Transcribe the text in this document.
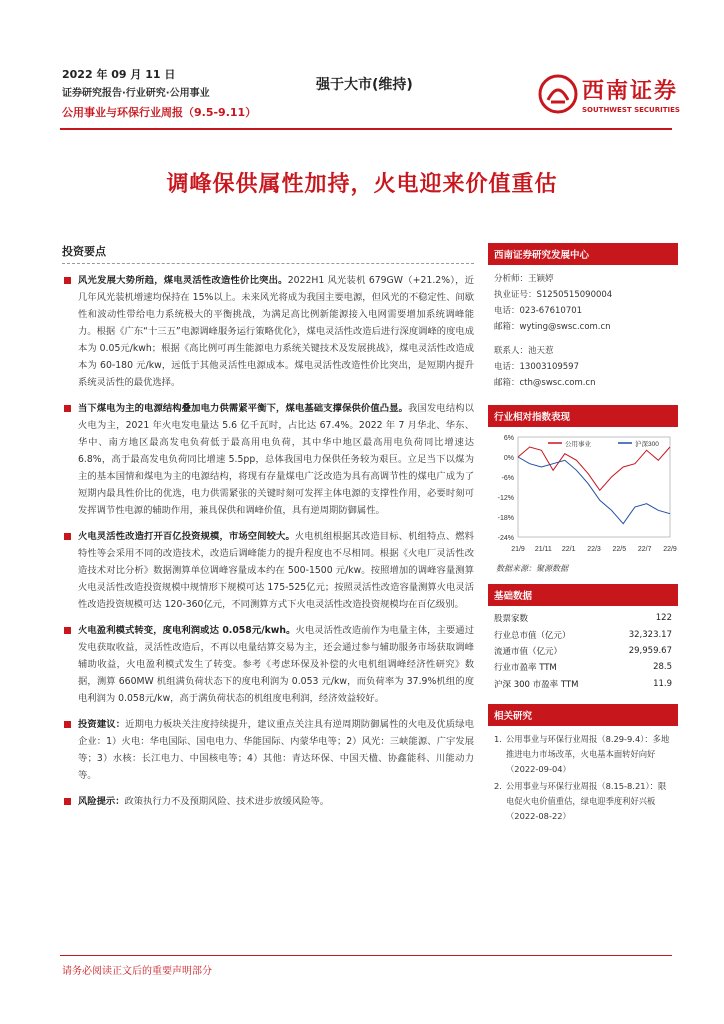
2022 年 09 月 11 日
证券研究报告·行业研究·公用事业
公用事业与环保行业周报（9.5-9.11）
强于大市(维持)	西南证券
SOUTHWEST SECURITIES
调峰保供属性加持，火电迎来价值重估
投资要点
风光发展大势所趋，煤电灵活性改造性价比突出。2022H1 风光装机 679GW（+21.2%），近几年风光装机增速均保持在 15%以上。未来风光将成为我国主要电源，但风光的不稳定性、间歇性和波动性带给电力系统极大的平衡挑战，为满足高比例新能源接入电网需要增加系统调峰能力。根据《广东“十三五”电源调峰服务运行策略优化》，煤电灵活性改造后进行深度调峰的度电成本为 0.05元/kwh；根据《高比例可再生能源电力系统关键技术及发展挑战》，煤电灵活性改造成本为 60-180 元/kw，远低于其他灵活性电源成本。煤电灵活性改造性价比突出，是短期内提升系统灵活性的最优选择。
当下煤电为主的电源结构叠加电力供需紧平衡下，煤电基础支撑保供价值凸显。我国发电结构以火电为主，2021 年火电发电量达 5.6 亿千瓦时，占比达 67.4%。2022 年 7 月华北、华东、华中、南方地区最高发电负荷低于最高用电负荷，其中华中地区最高用电负荷同比增速达 6.8%，高于最高发电负荷同比增速 5.5pp，总体我国电力保供任务较为艰巨。立足当下以煤为主的基本国情和煤电为主的电源结构，将现有存量煤电广泛改造为具有高调节性的煤电广成为了短期内最具性价比的优选，电力供需紧张的关键时刻可发挥主体电源的支撑性作用，必要时刻可发挥调节性电源的辅助作用，兼具保供和调峰价值，具有逆周期防御属性。
火电灵活性改造打开百亿投资规模，市场空间较大。火电机组根据其改造目标、机组特点、燃料特性等会采用不同的改造技术，改造后调峰能力的提升程度也不尽相同。根据《火电厂灵活性改造技术对比分析》数据测算单位调峰容量成本约在 500-1500 元/kw。按照增加的调峰容量测算火电灵活性改造投资规模中规情形下规模可达 175-525亿元；按照灵活性改造容量测算火电灵活性改造投资规模可达 120-360亿元，不同测算方式下火电灵活性改造投资规模均在百亿级别。
火电盈利模式转变，度电利润或达 0.058元/kwh。火电灵活性改造前作为电量主体，主要通过发电获取收益，灵活性改造后，不再以电量结算交易为主，还会通过参与辅助服务市场获取调峰辅助收益，火电盈利模式发生了转变。参考《考虑环保及补偿的火电机组调峰经济性研究》数据，测算 660MW 机组满负荷状态下的度电利润为 0.053 元/kw，而负荷率为 37.9%机组的度电利润为 0.058元/kw，高于满负荷状态的机组度电利润，经济效益较好。
投资建议：近期电力板块关注度持续提升，建议重点关注具有逆周期防御属性的火电及优质绿电企业：1）火电：华电国际、国电电力、华能国际、内蒙华电等；2）风光：三峡能源、广宇发展等；3）水核：长江电力、中国核电等；4）其他：青达环保、中国天楹、协鑫能科、川能动力等。
风险提示：政策执行力不及预期风险、技术进步放缓风险等。
西南证券研究发展中心
分析师：王颖婷
执业证号：S1250515090004
电话：023-67610701
邮箱：wyting@swsc.com.cn
联系人：池天惹
电话：13003109597
邮箱：cth@swsc.com.cn
行业相对指数表现
6%
0%
-6%
-12%
-18%
-24%
21/9 21/11 22/1 22/3 22/5 22/7 22/9
公用事业	沪深300
数据来源：聚源数据
基础数据
股票家数	122
行业总市值（亿元）	32,323.17
流通市值（亿元）	29,959.67
行业市盈率 TTM	28.5
沪深 300 市盈率 TTM	11.9
相关研究
1. 公用事业与环保行业周报（8.29-9.4）：多地推进电力市场改革，火电基本面转好向好 （2022-09-04）
2. 公用事业与环保行业周报（8.15-8.21）：限电促火电价值重估，绿电迎季度利好兴板 （2022-08-22）
请务必阅读正文后的重要声明部分
